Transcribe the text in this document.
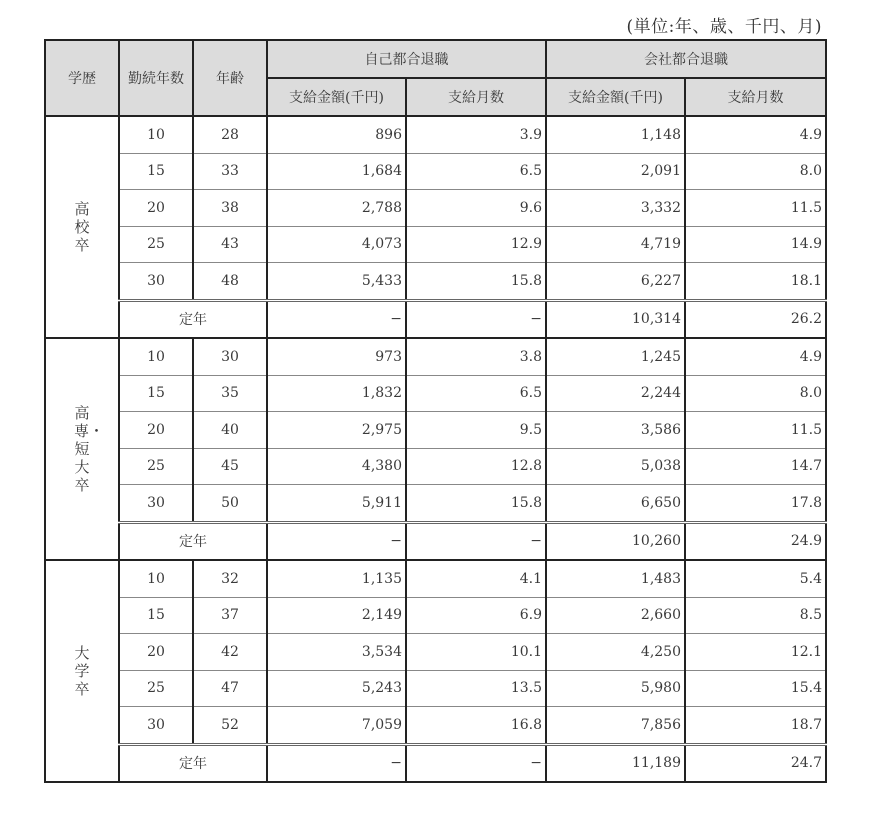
(単位:年、歳、千円、月)
学歴	勤続年数	年齢	自己都合退職		会社都合退職	
			支給金額(千円)	支給月数	支給金額(千円)	支給月数
高校卒	10	28	896	3.9	1,148	4.9
	15	33	1,684	6.5	2,091	8.0
	20	38	2,788	9.6	3,332	11.5
	25	43	4,073	12.9	4,719	14.9
	30	48	5,433	15.8	6,227	18.1
	定年		−	−	10,314	26.2
高専・短大卒	10	30	973	3.8	1,245	4.9
	15	35	1,832	6.5	2,244	8.0
	20	40	2,975	9.5	3,586	11.5
	25	45	4,380	12.8	5,038	14.7
	30	50	5,911	15.8	6,650	17.8
	定年		−	−	10,260	24.9
大学卒	10	32	1,135	4.1	1,483	5.4
	15	37	2,149	6.9	2,660	8.5
	20	42	3,534	10.1	4,250	12.1
	25	47	5,243	13.5	5,980	15.4
	30	52	7,059	16.8	7,856	18.7
	定年		−	−	11,189	24.7
